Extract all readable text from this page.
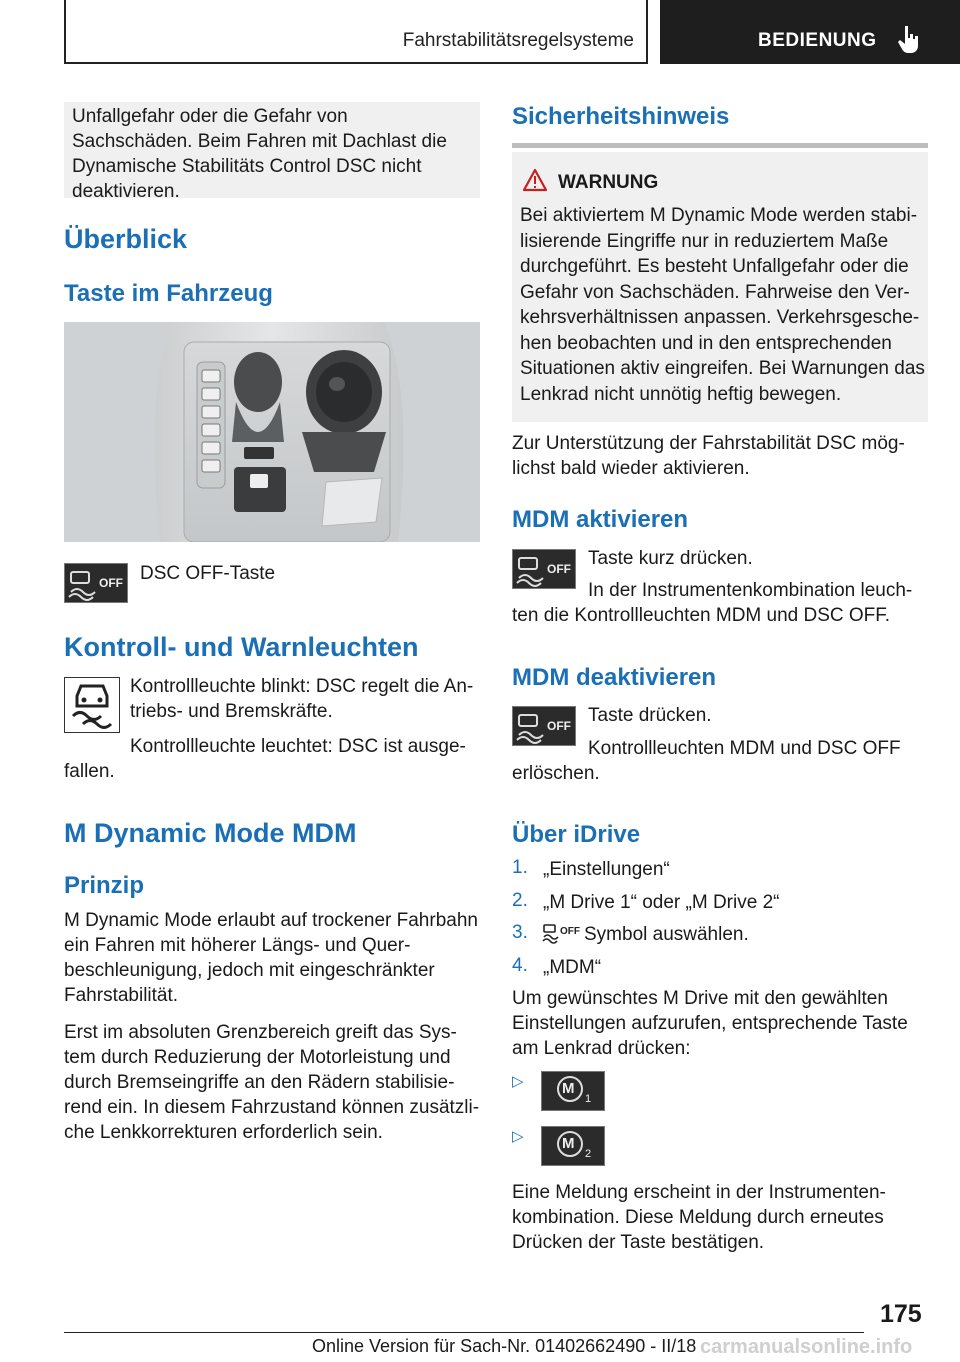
Fahrstabilitätsregelsysteme	BEDIENUNG

Unfallgefahr oder die Gefahr von Sachschäden. Beim Fahren mit Dachlast die Dynamische Stabilitäts Control DSC nicht deaktivieren.

Überblick
Taste im Fahrzeug
OFF DSC OFF-Taste

Kontroll- und Warnleuchten

Kontrollleuchte blinkt: DSC regelt die Antriebs- und Bremskräfte.

Kontrollleuchte leuchtet: DSC ist ausgefallen.

M Dynamic Mode MDM
Prinzip

M Dynamic Mode erlaubt auf trockener Fahrbahn ein Fahren mit höherer Längs- und Querbeschleunigung, jedoch mit eingeschränkter Fahrstabilität.

Erst im absoluten Grenzbereich greift das System durch Reduzierung der Motorleistung und durch Bremseingriffe an den Rädern stabilisierend ein. In diesem Fahrzustand können zusätzliche Lenkkorrekturen erforderlich sein.

Sicherheitshinweis
WARNUNG

Bei aktiviertem M Dynamic Mode werden stabilisierende Eingriffe nur in reduziertem Maße durchgeführt. Es besteht Unfallgefahr oder die Gefahr von Sachschäden. Fahrweise den Verkehrsverhältnissen anpassen. Verkehrsgeschehen beobachten und in den entsprechenden Situationen aktiv eingreifen. Bei Warnungen das Lenkrad nicht unnötig heftig bewegen.

Zur Unterstützung der Fahrstabilität DSC möglichst bald wieder aktivieren.

MDM aktivieren
OFF Taste kurz drücken.

In der Instrumentenkombination leuchten die Kontrollleuchten MDM und DSC OFF.

MDM deaktivieren
OFF Taste drücken.

Kontrollleuchten MDM und DSC OFF erlöschen.

Über iDrive
1. „Einstellungen“
2. „M Drive 1“ oder „M Drive 2“
3.	OFF Symbol auswählen.
4. „MDM“

Um gewünschtes M Drive mit den gewählten Einstellungen aufzurufen, entsprechende Taste am Lenkrad drücken:

▷	M
1
▷	M
2

Eine Meldung erscheint in der Instrumentenkombination. Diese Meldung durch erneutes Drücken der Taste bestätigen.

175
Online Version für Sach-Nr. 01402662490 - II/18 carmanualsonline.info
